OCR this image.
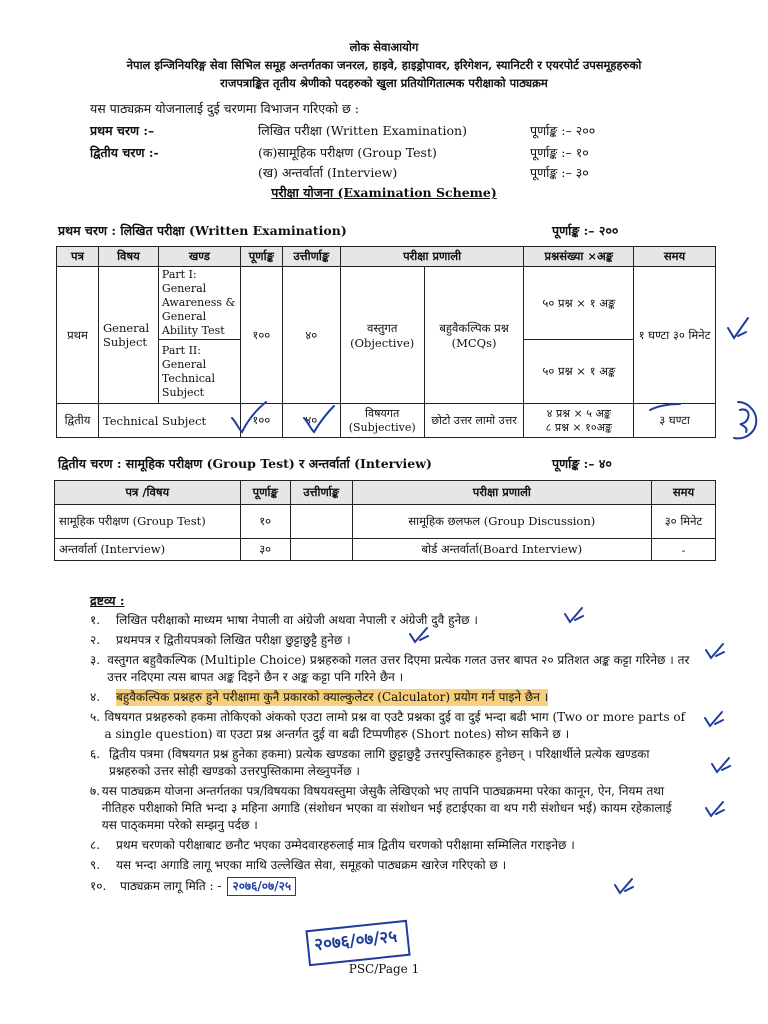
लोक सेवाआयोग
नेपाल इन्जिनियरिङ्ग सेवा सिभिल समूह अन्तर्गतका जनरल, हाइवे, हाइड्रोपावर, इरिगेशन, स्यानिटरी र एयरपोर्ट उपसमूहहरुको
राजपत्राङ्कित तृतीय श्रेणीको पदहरुको खुला प्रतियोगितात्मक परीक्षाको पाठ्यक्रम
यस पाठ्यक्रम योजनालाई दुई चरणमा विभाजन गरिएको छ :
प्रथम चरण :–	लिखित परीक्षा (Written Examination)	पूर्णाङ्क :– २००
द्वितीय चरण :-	(क)सामूहिक परीक्षण (Group Test)	पूर्णाङ्क :– १०
(ख) अन्तर्वार्ता (Interview)	पूर्णाङ्क :– ३०
परीक्षा योजना (Examination Scheme)
प्रथम चरण : लिखित परीक्षा (Written Examination)	पूर्णाङ्क :– २००
पत्र	विषय	खण्ड	पूर्णाङ्क	उत्तीर्णाङ्क	परीक्षा प्रणाली		प्रश्नसंख्या ×अङ्क	समय
प्रथम	General Subject	Part I: General Awareness & General Ability Test	१००	४०	वस्तुगत (Objective)	बहुवैकल्पिक प्रश्न (MCQs)	५० प्रश्न × १ अङ्क	१ घण्टा ३० मिनेट
		Part II: General Technical Subject					५० प्रश्न × १ अङ्क	
द्वितीय	Technical Subject		१००	४०	विषयगत (Subjective)	छोटो उत्तर लामो उत्तर	४ प्रश्न × ५ अङ्क
८ प्रश्न × १०अङ्क	३ घण्टा
द्वितीय चरण : सामूहिक परीक्षण (Group Test) र अन्तर्वार्ता (Interview)	पूर्णाङ्क :– ४०
पत्र /विषय	पूर्णाङ्क	उत्तीर्णाङ्क	परीक्षा प्रणाली	समय
सामूहिक परीक्षण (Group Test)	१०		सामूहिक छलफल (Group Discussion)	३० मिनेट
अन्तर्वार्ता (Interview)	३०		बोर्ड अन्तर्वार्ता(Board Interview)	-
द्रष्टव्य :
१.	लिखित परीक्षाको माध्यम भाषा नेपाली वा अंग्रेजी अथवा नेपाली र अंग्रेजी दुवै हुनेछ ।
२.	प्रथमपत्र र द्वितीयपत्रको लिखित परीक्षा छुट्टाछुट्टै हुनेछ ।
३. वस्तुगत बहुवैकल्पिक (Multiple Choice) प्रश्नहरुको गलत उत्तर दिएमा प्रत्येक गलत उत्तर बापत २० प्रतिशत अङ्क कट्टा गरिनेछ । तर उत्तर नदिएमा त्यस बापत अङ्क दिइने छैन र अङ्क कट्टा पनि गरिने छैन ।
४.	बहुवैकल्पिक प्रश्नहरु हुने परीक्षामा कुनै प्रकारको क्याल्कुलेटर (Calculator) प्रयोग गर्न पाइने छैन ।
५. विषयगत प्रश्नहरुको हकमा तोकिएको अंकको एउटा लामो प्रश्न वा एउटै प्रश्नका दुई वा दुई भन्दा बढी भाग (Two or more parts of a single question) वा एउटा प्रश्न अन्तर्गत दुई वा बढी टिप्पणीहरु (Short notes) सोध्न सकिने छ ।
६. द्वितीय पत्रमा (विषयगत प्रश्न हुनेका हकमा) प्रत्येक खण्डका लागि छुट्टाछुट्टै उत्तरपुस्तिकाहरु हुनेछन् । परिक्षार्थीले प्रत्येक खण्डका प्रश्नहरुको उत्तर सोही खण्डको उत्तरपुस्तिकामा लेख्नुपर्नेछ ।
७. यस पाठ्यक्रम योजना अन्तर्गतका पत्र/विषयका विषयवस्तुमा जेसुकै लेखिएको भए तापनि पाठ्यक्रममा परेका कानून, ऐन, नियम तथा नीतिहरु परीक्षाको मिति भन्दा ३ महिना अगाडि (संशोधन भएका वा संशोधन भई हटाईएका वा थप गरी संशोधन भई) कायम रहेकालाई यस पाठ्कममा परेको सम्झनु पर्दछ ।
८.	प्रथम चरणको परीक्षाबाट छनौट भएका उम्मेदवारहरुलाई मात्र द्वितीय चरणको परीक्षामा सम्मिलित गराइनेछ ।
९.	यस भन्दा अगाडि लागू भएका माथि उल्लेखित सेवा, समूहको पाठ्यक्रम खारेज गरिएको छ ।
१०.	पाठ्यक्रम लागू मिति : - २०७६/०७/२५
२०७६/०७/२५
PSC/Page 1
